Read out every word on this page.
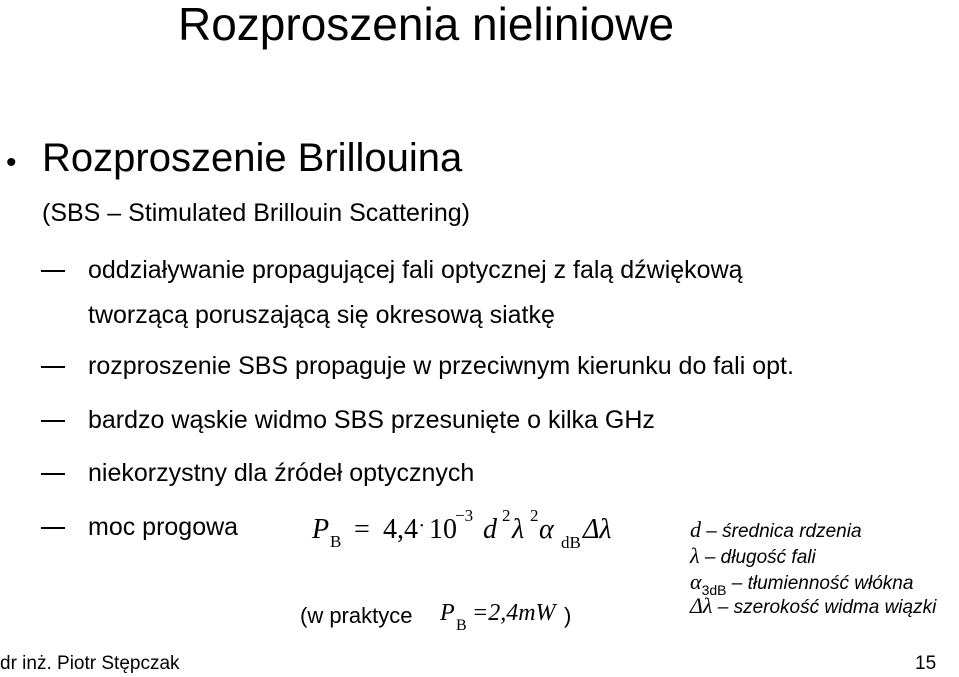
Rozproszenia nieliniowe
• Rozproszenie Brillouina
(SBS – Stimulated Brillouin Scattering)
oddziaływanie propagującej fali optycznej z falą dźwiękową
tworzącą poruszającą się okresową siatkę
rozproszenie SBS propaguje w przeciwnym kierunku do fali opt.
bardzo wąskie widmo SBS przesunięte o kilka GHz
niekorzystny dla źródeł optycznych
moc progowa	P B = 4,4 • 10
−3 d 2 λ 2 α dB Δλ
(w praktyce P B =2,4mW )
d – średnica rdzenia
λ – długość fali
$\alpha_{3dB}$ – tłumienność włókna
Δλ – szerokość widma wiązki
dr inż. Piotr Stępczak	15
